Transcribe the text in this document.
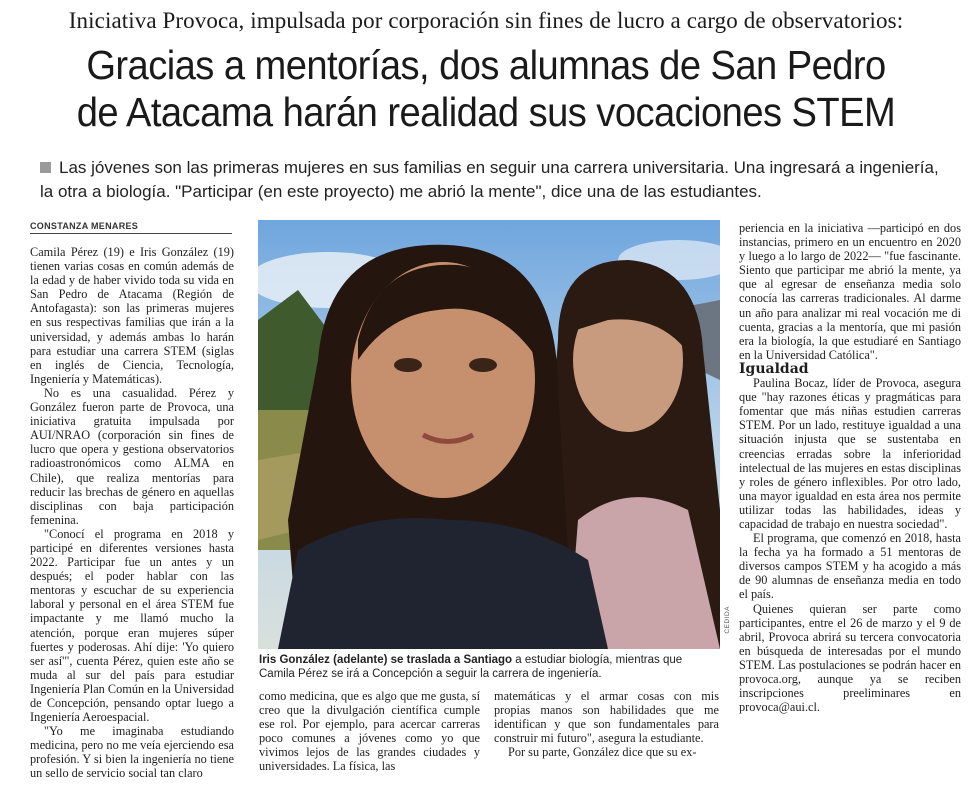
Iniciativa Provoca, impulsada por corporación sin fines de lucro a cargo de observatorios:
Gracias a mentorías, dos alumnas de San Pedro
de Atacama harán realidad sus vocaciones STEM
Las jóvenes son las primeras mujeres en sus familias en seguir una carrera universitaria. Una ingresará a ingeniería, la otra a biología. "Participar (en este proyecto) me abrió la mente", dice una de las estudiantes.
CONSTANZA MENARES

Camila Pérez (19) e Iris González (19) tienen varias cosas en común además de la edad y de haber vivido toda su vida en San Pedro de Atacama (Región de Antofagasta): son las primeras mujeres en sus respectivas familias que irán a la universidad, y además ambas lo harán para estudiar una carrera STEM (siglas en inglés de Ciencia, Tecnología, Ingeniería y Matemáticas).

No es una casualidad. Pérez y González fueron parte de Provoca, una iniciativa gratuita impulsada por AUI/NRAO (corporación sin fines de lucro que opera y gestiona observatorios radioastronómicos como ALMA en Chile), que realiza mentorías para reducir las brechas de género en aquellas disciplinas con baja participación femenina.

"Conocí el programa en 2018 y participé en diferentes versiones hasta 2022. Participar fue un antes y un después; el poder hablar con las mentoras y escuchar de su experiencia laboral y personal en el área STEM fue impactante y me llamó mucho la atención, porque eran mujeres súper fuertes y poderosas. Ahí dije: 'Yo quiero ser así'", cuenta Pérez, quien este año se muda al sur del país para estudiar Ingeniería Plan Común en la Universidad de Concepción, pensando optar luego a Ingeniería Aeroespacial.

"Yo me imaginaba estudiando medicina, pero no me veía ejerciendo esa profesión. Y si bien la ingeniería no tiene un sello de servicio social tan claro

CEDIDA
Iris González (adelante) se traslada a Santiago a estudiar biología, mientras que Camila Pérez se irá a Concepción a seguir la carrera de ingeniería.

como medicina, que es algo que me gusta, sí creo que la divulgación científica cumple ese rol. Por ejemplo, para acercar carreras poco comunes a jóvenes como yo que vivimos lejos de las grandes ciudades y universidades. La física, las

matemáticas y el armar cosas con mis propias manos son habilidades que me identifican y que son fundamentales para construir mi futuro", asegura la estudiante.

Por su parte, González dice que su ex-

periencia en la iniciativa —participó en dos instancias, primero en un encuentro en 2020 y luego a lo largo de 2022— "fue fascinante. Siento que participar me abrió la mente, ya que al egresar de enseñanza media solo conocía las carreras tradicionales. Al darme un año para analizar mi real vocación me di cuenta, gracias a la mentoría, que mi pasión era la biología, la que estudiaré en Santiago en la Universidad Católica".

Igualdad

Paulina Bocaz, líder de Provoca, asegura que "hay razones éticas y pragmáticas para fomentar que más niñas estudien carreras STEM. Por un lado, restituye igualdad a una situación injusta que se sustentaba en creencias erradas sobre la inferioridad intelectual de las mujeres en estas disciplinas y roles de género inflexibles. Por otro lado, una mayor igualdad en esta área nos permite utilizar todas las habilidades, ideas y capacidad de trabajo en nuestra sociedad".

El programa, que comenzó en 2018, hasta la fecha ya ha formado a 51 mentoras de diversos campos STEM y ha acogido a más de 90 alumnas de enseñanza media en todo el país.

Quienes quieran ser parte como participantes, entre el 26 de marzo y el 9 de abril, Provoca abrirá su tercera convocatoria en búsqueda de interesadas por el mundo STEM. Las postulaciones se podrán hacer en provoca.org, aunque ya se reciben inscripciones preeliminares en provoca@aui.cl.
